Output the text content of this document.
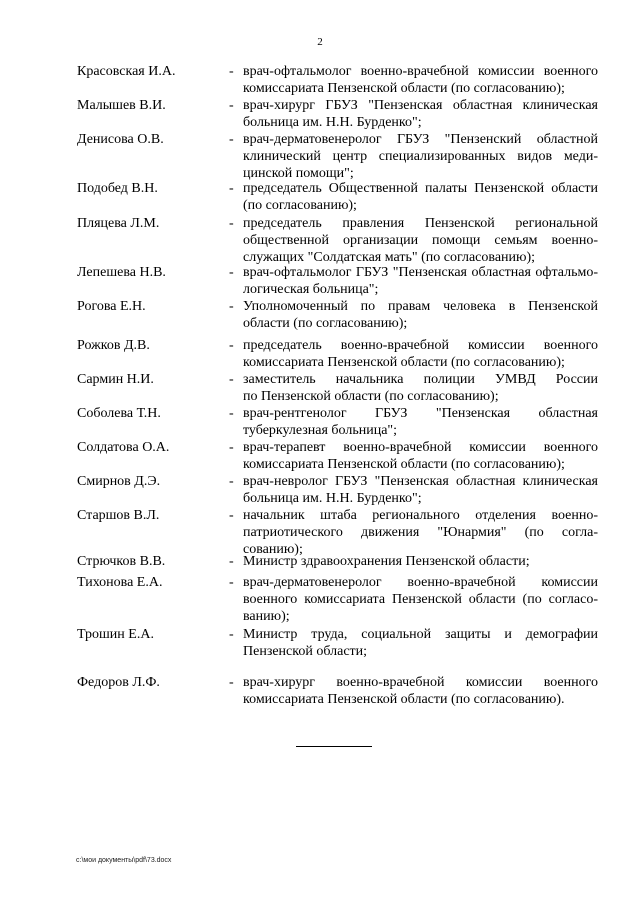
2
Красовская И.А.	- врач-офтальмолог военно-врачебной комиссии военного
комиссариата Пензенской области (по согласованию);
Малышев В.И.	- врач-хирург ГБУЗ "Пензенская областная клиническая
больница им. Н.Н. Бурденко";
Денисова О.В.	- врач-дерматовенеролог ГБУЗ "Пензенский областной
клинический центр специализированных видов меди-
цинской помощи";
Подобед В.Н.	- председатель Общественной палаты Пензенской области
(по согласованию);
Пляцева Л.М.	- председатель правления Пензенской региональной
общественной организации помощи семьям военно-
служащих "Солдатская мать" (по согласованию);
Лепешева Н.В.	- врач-офтальмолог ГБУЗ "Пензенская областная офтальмо-
логическая больница";
Рогова Е.Н.	- Уполномоченный по правам человека в Пензенской
области (по согласованию);
Рожков Д.В.	- председатель военно-врачебной комиссии военного
комиссариата Пензенской области (по согласованию);
Сармин Н.И.	- заместитель начальника полиции УМВД России
по Пензенской области (по согласованию);
Соболева Т.Н.	- врач-рентгенолог ГБУЗ "Пензенская областная
туберкулезная больница";
Солдатова О.А.	- врач-терапевт военно-врачебной комиссии военного
комиссариата Пензенской области (по согласованию);
Смирнов Д.Э.	- врач-невролог ГБУЗ "Пензенская областная клиническая
больница им. Н.Н. Бурденко";
Старшов В.Л.	- начальник штаба регионального отделения военно-
патриотического движения "Юнармия" (по согла-
сованию);
Стрючков В.В.	- Министр здравоохранения Пензенской области;
Тихонова Е.А.	- врач-дерматовенеролог военно-врачебной комиссии
военного комиссариата Пензенской области (по согласо-
ванию);
Трошин Е.А.	- Министр труда, социальной защиты и демографии
Пензенской области;
Федоров Л.Ф.	- врач-хирург военно-врачебной комиссии военного
комиссариата Пензенской области (по согласованию).
c:\мои документы\pdf\73.docx
